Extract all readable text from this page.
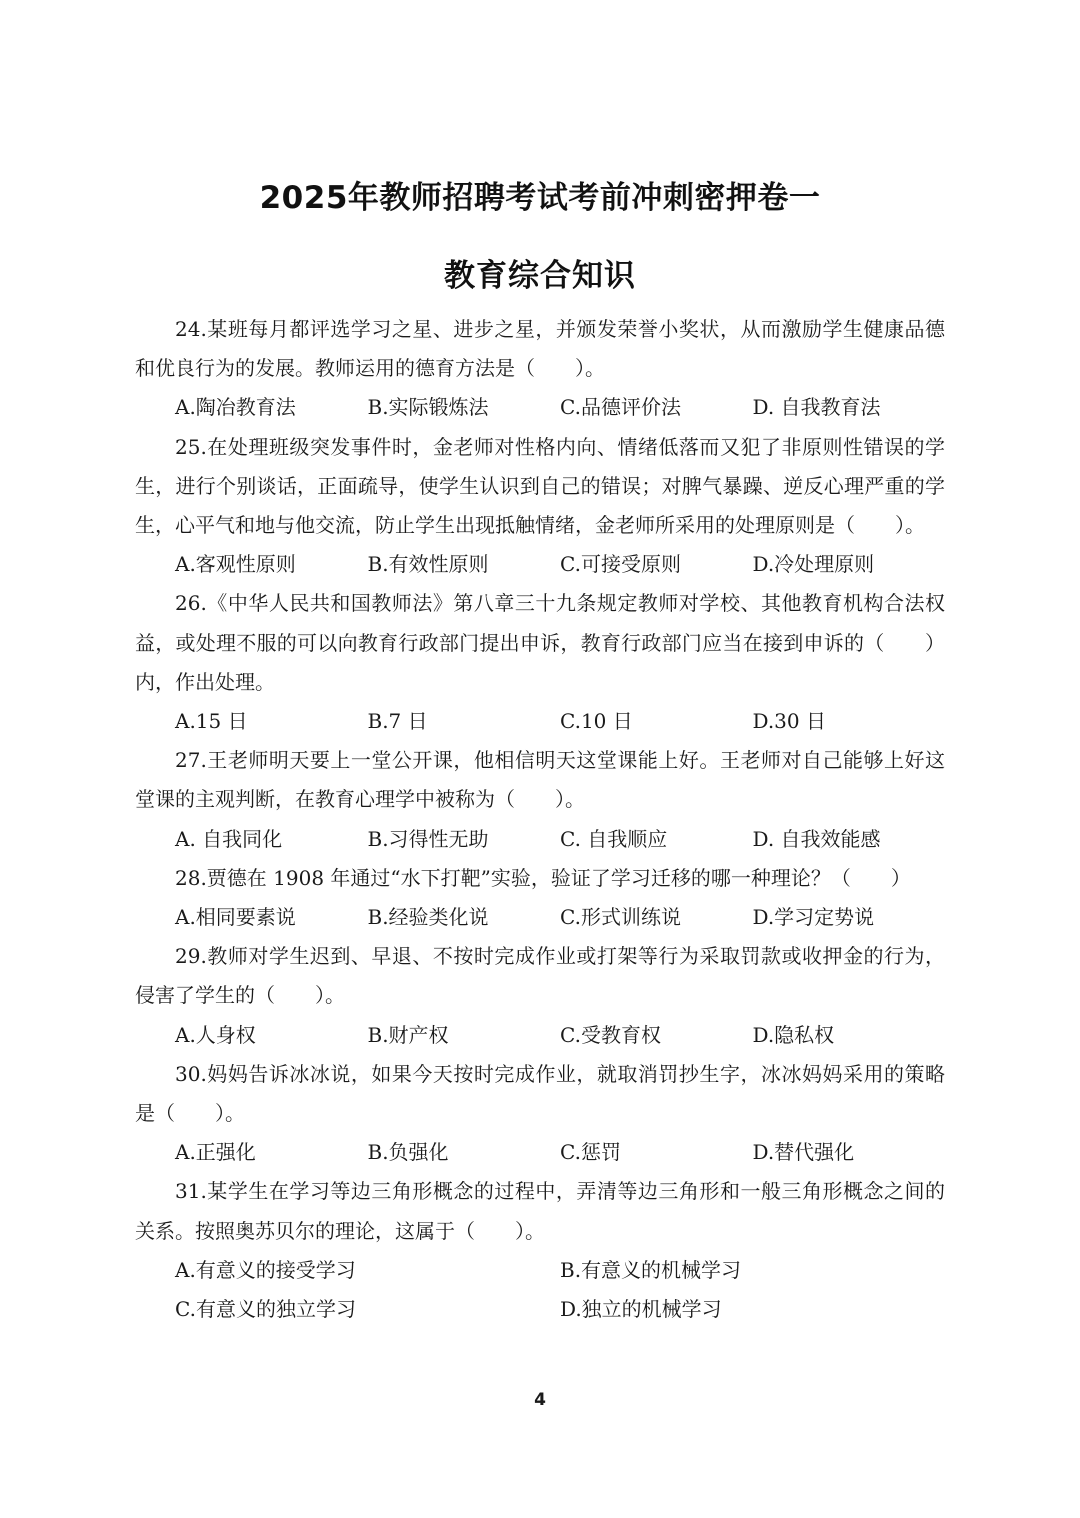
2025年教师招聘考试考前冲刺密押卷一
教育综合知识

24.某班每月都评选学习之星、进步之星，并颁发荣誉小奖状，从而激励学生健康品德和优良行为的发展。教师运用的德育方法是（　　）。

A.陶冶教育法	B.实际锻炼法	C.品德评价法	D. 自我教育法

25.在处理班级突发事件时，金老师对性格内向、情绪低落而又犯了非原则性错误的学生，进行个别谈话，正面疏导，使学生认识到自己的错误；对脾气暴躁、逆反心理严重的学生，心平气和地与他交流，防止学生出现抵触情绪，金老师所采用的处理原则是（　　）。

A.客观性原则	B.有效性原则	C.可接受原则	D.冷处理原则

26.《中华人民共和国教师法》第八章三十九条规定教师对学校、其他教育机构合法权益，或处理不服的可以向教育行政部门提出申诉，教育行政部门应当在接到申诉的（　　）内，作出处理。

A.15 日	B.7 日	C.10 日	D.30 日

27.王老师明天要上一堂公开课，他相信明天这堂课能上好。王老师对自己能够上好这堂课的主观判断，在教育心理学中被称为（　　）。

A. 自我同化	B.习得性无助	C. 自我顺应	D. 自我效能感

28.贾德在 1908 年通过“水下打靶”实验，验证了学习迁移的哪一种理论？（　　）

A.相同要素说	B.经验类化说	C.形式训练说	D.学习定势说

29.教师对学生迟到、早退、不按时完成作业或打架等行为采取罚款或收押金的行为，侵害了学生的（　　）。

A.人身权	B.财产权	C.受教育权	D.隐私权

30.妈妈告诉冰冰说，如果今天按时完成作业，就取消罚抄生字，冰冰妈妈采用的策略是（　　）。

A.正强化	B.负强化	C.惩罚	D.替代强化

31.某学生在学习等边三角形概念的过程中，弄清等边三角形和一般三角形概念之间的关系。按照奥苏贝尔的理论，这属于（　　）。

A.有意义的接受学习	B.有意义的机械学习
C.有意义的独立学习	D.独立的机械学习
4
